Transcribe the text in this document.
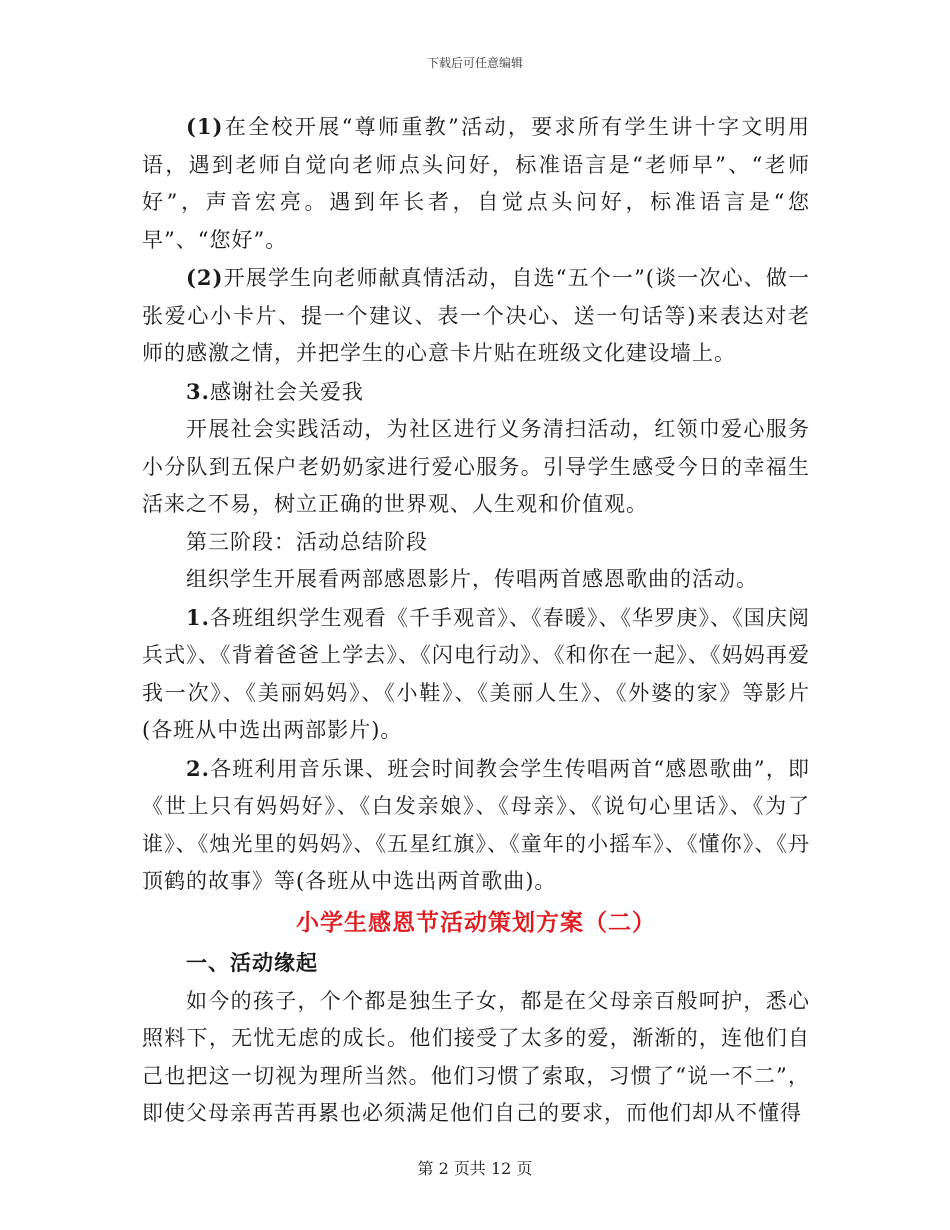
下载后可任意编辑

(1)在全校开展“尊师重教”活动，要求所有学生讲十字文明用语，遇到老师自觉向老师点头问好，标准语言是“老师早”、“老师好”，声音宏亮。遇到年长者，自觉点头问好，标准语言是“您早”、“您好”。

(2)开展学生向老师献真情活动，自选“五个一”(谈一次心、做一张爱心小卡片、提一个建议、表一个决心、送一句话等)来表达对老师的感激之情，并把学生的心意卡片贴在班级文化建设墙上。

3.感谢社会关爱我

开展社会实践活动，为社区进行义务清扫活动，红领巾爱心服务小分队到五保户老奶奶家进行爱心服务。引导学生感受今日的幸福生活来之不易，树立正确的世界观、人生观和价值观。

第三阶段：活动总结阶段

组织学生开展看两部感恩影片，传唱两首感恩歌曲的活动。

1.各班组织学生观看《千手观音》、《春暖》、《华罗庚》、《国庆阅兵式》、《背着爸爸上学去》、《闪电行动》、《和你在一起》、《妈妈再爱我一次》、《美丽妈妈》、《小鞋》、《美丽人生》、《外婆的家》等影片(各班从中选出两部影片)。

2.各班利用音乐课、班会时间教会学生传唱两首“感恩歌曲”，即《世上只有妈妈好》、《白发亲娘》、《母亲》、《说句心里话》、《为了谁》、《烛光里的妈妈》、《五星红旗》、《童年的小摇车》、《懂你》、《丹顶鹤的故事》等(各班从中选出两首歌曲)。

小学生感恩节活动策划方案（二）
一、活动缘起

如今的孩子，个个都是独生子女，都是在父母亲百般呵护，悉心照料下，无忧无虑的成长。他们接受了太多的爱，渐渐的，连他们自己也把这一切视为理所当然。他们习惯了索取，习惯了“说一不二”，即使父母亲再苦再累也必须满足他们自己的要求，而他们却从不懂得

第 2 页共 12 页
